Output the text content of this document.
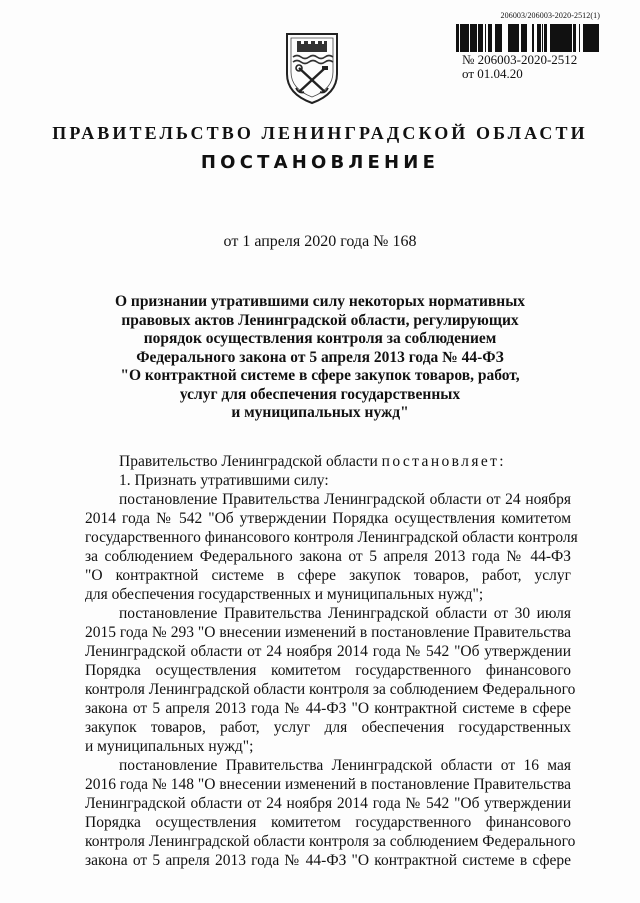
206003/206003-2020-2512(1)
№ 206003-2020-2512
от 01.04.20
ПРАВИТЕЛЬСТВО ЛЕНИНГРАДСКОЙ ОБЛАСТИ
ПОСТАНОВЛЕНИЕ
от 1 апреля 2020 года № 168
О признании утратившими силу некоторых нормативных
правовых актов Ленинградской области, регулирующих
порядок осуществления контроля за соблюдением
Федерального закона от 5 апреля 2013 года № 44-ФЗ
"О контрактной системе в сфере закупок товаров, работ,
услуг для обеспечения государственных
и муниципальных нужд"
Правительство Ленинградской области постановляет:
1. Признать утратившими силу:
постановление Правительства Ленинградской области от 24 ноября
2014 года № 542 "Об утверждении Порядка осуществления комитетом
государственного финансового контроля Ленинградской области контроля
за соблюдением Федерального закона от 5 апреля 2013 года № 44-ФЗ
"О контрактной системе в сфере закупок товаров, работ, услуг
для обеспечения государственных и муниципальных нужд";
постановление Правительства Ленинградской области от 30 июля
2015 года № 293 "О внесении изменений в постановление Правительства
Ленинградской области от 24 ноября 2014 года № 542 "Об утверждении
Порядка осуществления комитетом государственного финансового
контроля Ленинградской области контроля за соблюдением Федерального
закона от 5 апреля 2013 года № 44-ФЗ "О контрактной системе в сфере
закупок товаров, работ, услуг для обеспечения государственных
и муниципальных нужд";
постановление Правительства Ленинградской области от 16 мая
2016 года № 148 "О внесении изменений в постановление Правительства
Ленинградской области от 24 ноября 2014 года № 542 "Об утверждении
Порядка осуществления комитетом государственного финансового
контроля Ленинградской области контроля за соблюдением Федерального
закона от 5 апреля 2013 года № 44-ФЗ "О контрактной системе в сфере
